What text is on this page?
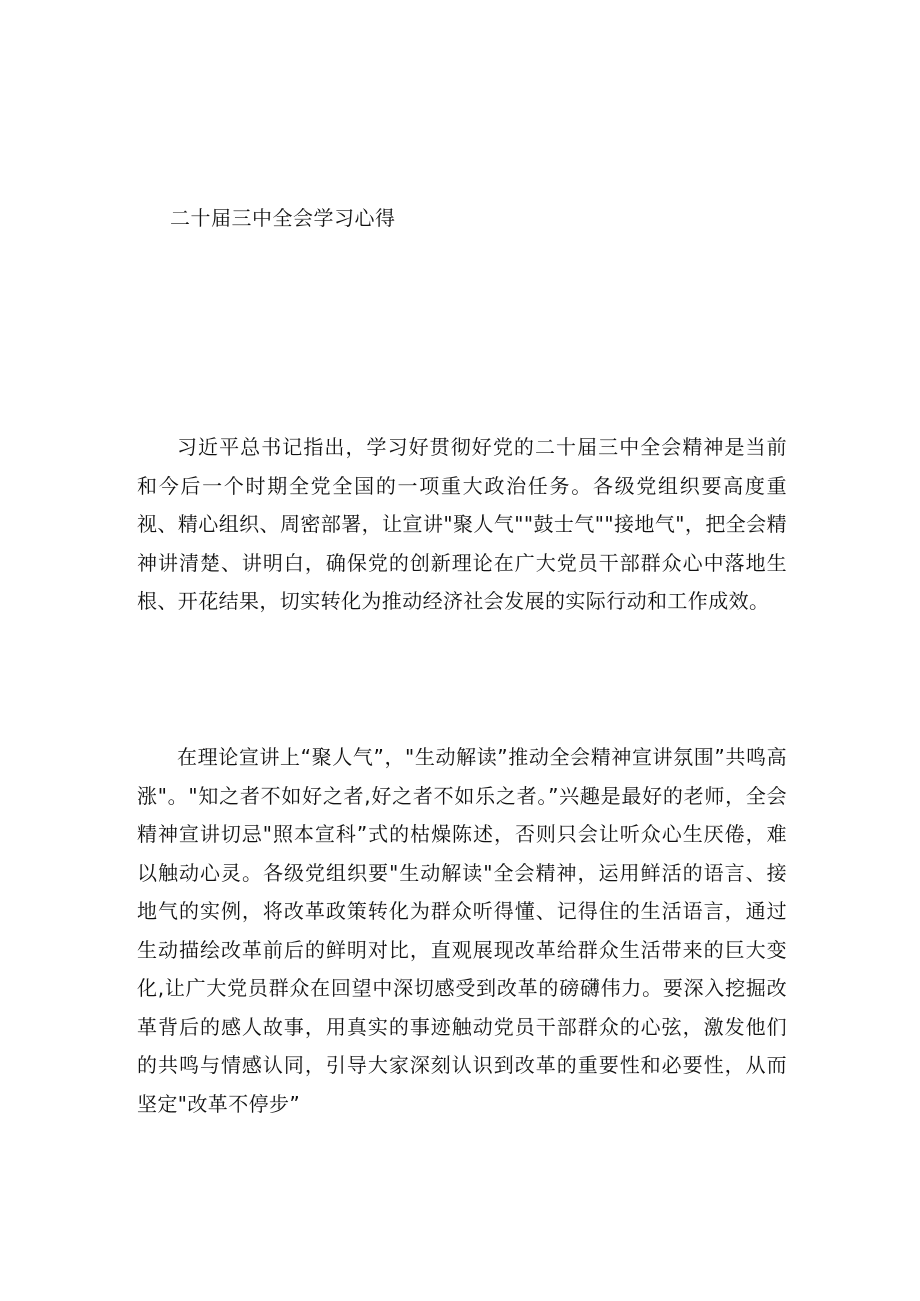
二十届三中全会学习心得

习近平总书记指出，学习好贯彻好党的二十届三中全会精神是当前和今后一个时期全党全国的一项重大政治任务。各级党组织要高度重视、精心组织、周密部署，让宣讲"聚人气""鼓士气""接地气"，把全会精神讲清楚、讲明白，确保党的创新理论在广大党员干部群众心中落地生根、开花结果，切实转化为推动经济社会发展的实际行动和工作成效。

在理论宣讲上“聚人气”，"生动解读”推动全会精神宣讲氛围”共鸣高涨"。"知之者不如好之者,好之者不如乐之者。”兴趣是最好的老师，全会精神宣讲切忌"照本宣科”式的枯燥陈述，否则只会让听众心生厌倦，难以触动心灵。各级党组织要"生动解读"全会精神，运用鲜活的语言、接地气的实例，将改革政策转化为群众听得懂、记得住的生活语言，通过生动描绘改革前后的鲜明对比，直观展现改革给群众生活带来的巨大变化,让广大党员群众在回望中深切感受到改革的磅礴伟力。要深入挖掘改革背后的感人故事，用真实的事迹触动党员干部群众的心弦，激发他们的共鸣与情感认同，引导大家深刻认识到改革的重要性和必要性，从而坚定"改革不停步”
